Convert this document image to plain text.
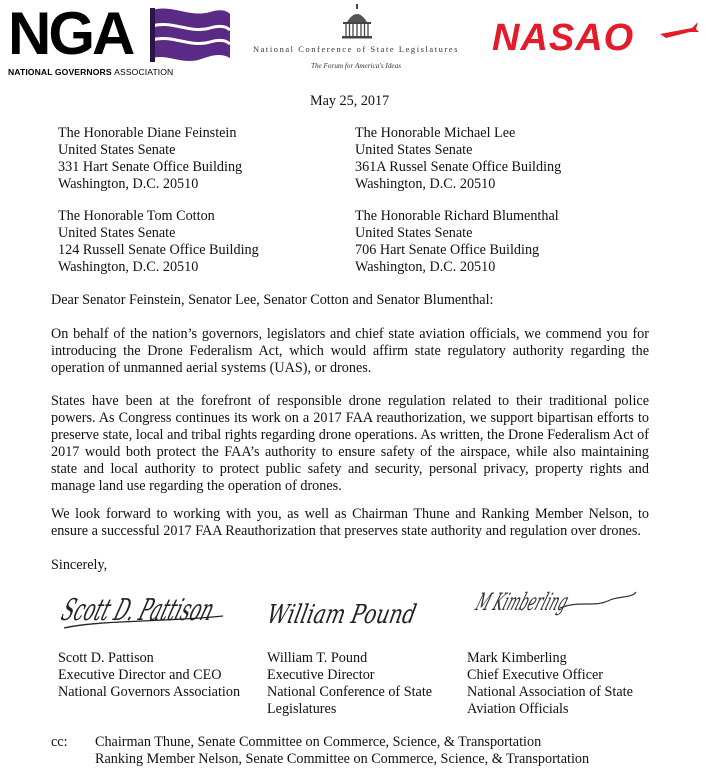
NGA
NATIONAL GOVERNORS ASSOCIATION
National Conference of State Legislatures
The Forum for America's Ideas
NASAO
May 25, 2017
The Honorable Diane Feinstein
United States Senate
331 Hart Senate Office Building
Washington, D.C. 20510
The Honorable Michael Lee
United States Senate
361A Russel Senate Office Building
Washington, D.C. 20510
The Honorable Tom Cotton
United States Senate
124 Russell Senate Office Building
Washington, D.C. 20510
The Honorable Richard Blumenthal
United States Senate
706 Hart Senate Office Building
Washington, D.C. 20510
Dear Senator Feinstein, Senator Lee, Senator Cotton and Senator Blumenthal:
On behalf of the nation’s governors, legislators and chief state aviation officials, we commend you for introducing the Drone Federalism Act, which would affirm state regulatory authority regarding the operation of unmanned aerial systems (UAS), or drones.
States have been at the forefront of responsible drone regulation related to their traditional police powers. As Congress continues its work on a 2017 FAA reauthorization, we support bipartisan efforts to preserve state, local and tribal rights regarding drone operations. As written, the Drone Federalism Act of 2017 would both protect the FAA’s authority to ensure safety of the airspace, while also maintaining state and local authority to protect public safety and security, personal privacy, property rights and manage land use regarding the operation of drones.
We look forward to working with you, as well as Chairman Thune and Ranking Member Nelson, to ensure a successful 2017 FAA Reauthorization that preserves state authority and regulation over drones.
Sincerely,
Scott D. Pattison
William Pound M Kimberling
Scott D. Pattison
Executive Director and CEO
National Governors Association
William T. Pound
Executive Director
National Conference of State
Legislatures
Mark Kimberling
Chief Executive Officer
National Association of State
Aviation Officials
cc: Chairman Thune, Senate Committee on Commerce, Science, & Transportation
Ranking Member Nelson, Senate Committee on Commerce, Science, & Transportation
